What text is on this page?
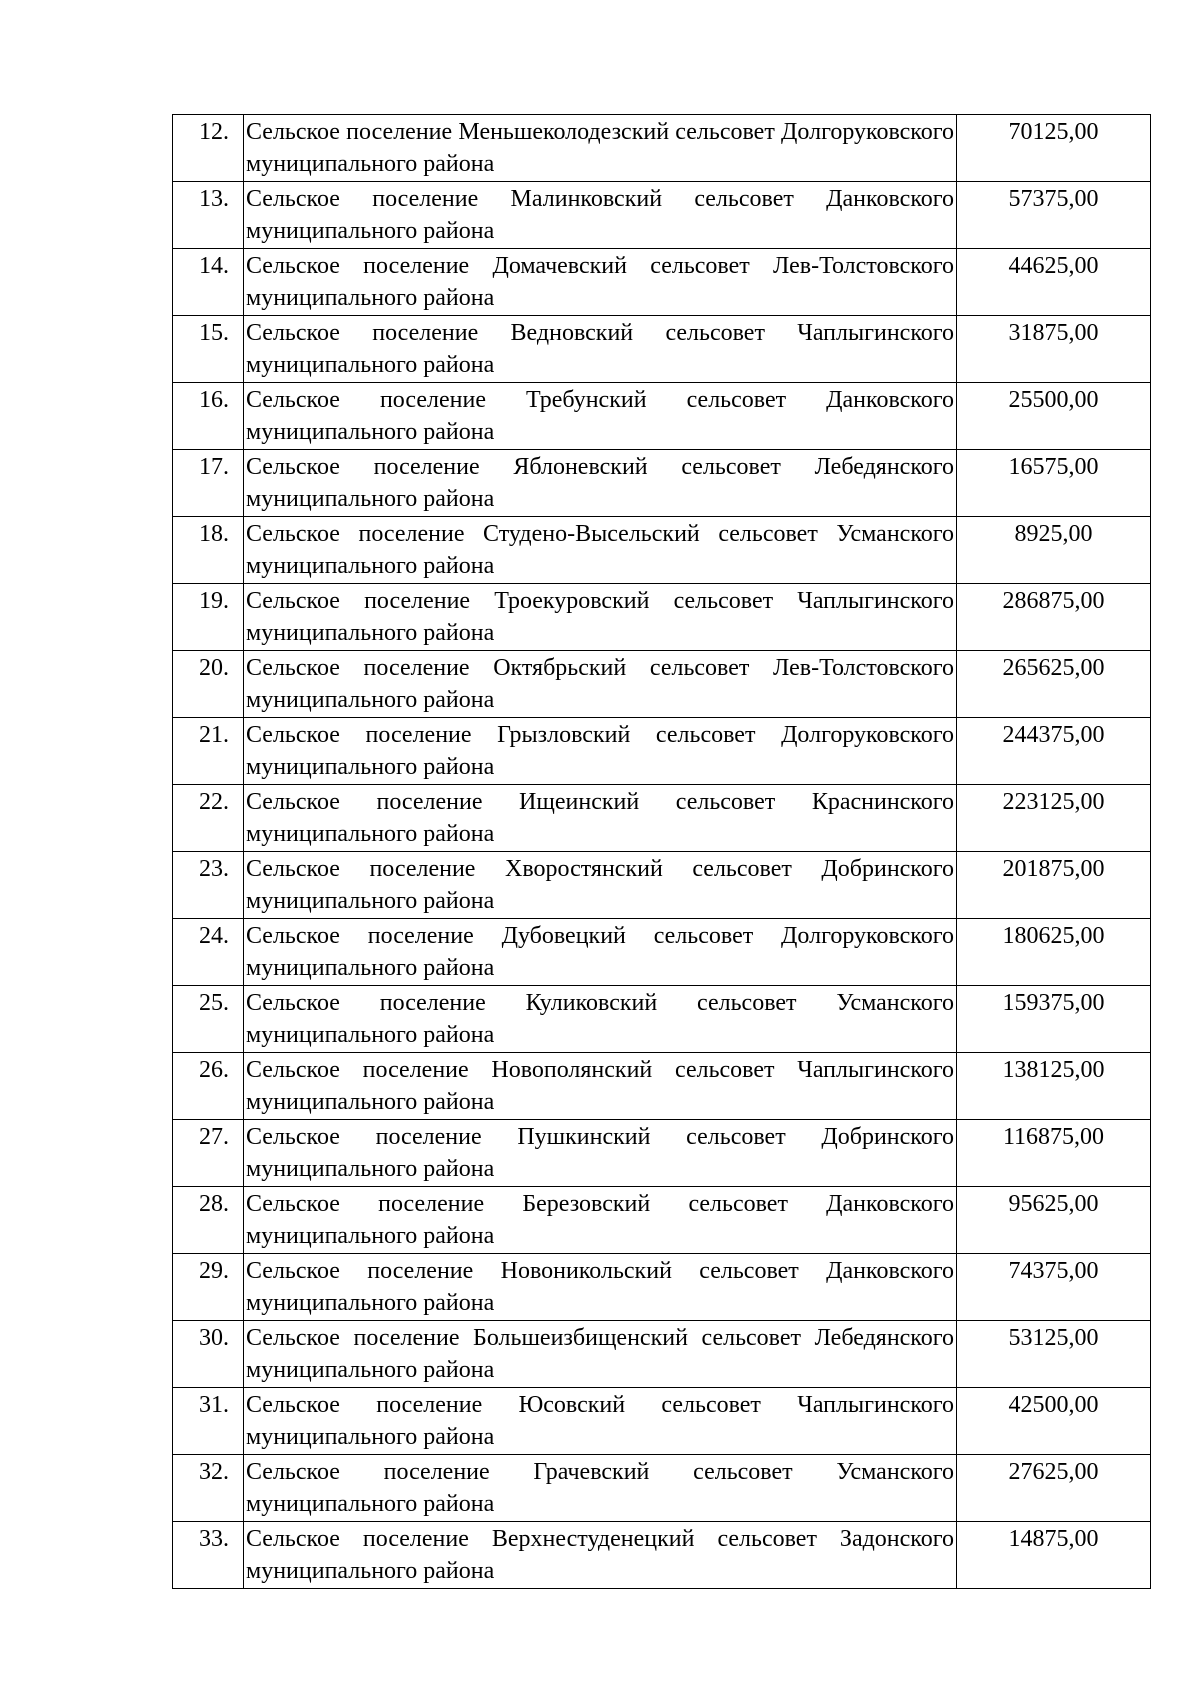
12.	Сельское поселение Меньшеколодезский сельсовет Долгоруковского муниципального района	70125,00
13.	Сельское поселение Малинковский сельсовет Данковского муниципального района	57375,00
14.	Сельское поселение Домачевский сельсовет Лев-Толстовского муниципального района	44625,00
15.	Сельское поселение Ведновский сельсовет Чаплыгинского муниципального района	31875,00
16.	Сельское поселение Требунский сельсовет Данковского муниципального района	25500,00
17.	Сельское поселение Яблоневский сельсовет Лебедянского муниципального района	16575,00
18.	Сельское поселение Студено-Высельский сельсовет Усманского муниципального района	8925,00
19.	Сельское поселение Троекуровский сельсовет Чаплыгинского муниципального района	286875,00
20.	Сельское поселение Октябрьский сельсовет Лев-Толстовского муниципального района	265625,00
21.	Сельское поселение Грызловский сельсовет Долгоруковского муниципального района	244375,00
22.	Сельское поселение Ищеинский сельсовет Краснинского муниципального района	223125,00
23.	Сельское поселение Хворостянский сельсовет Добринского муниципального района	201875,00
24.	Сельское поселение Дубовецкий сельсовет Долгоруковского муниципального района	180625,00
25.	Сельское поселение Куликовский сельсовет Усманского муниципального района	159375,00
26.	Сельское поселение Новополянский сельсовет Чаплыгинского муниципального района	138125,00
27.	Сельское поселение Пушкинский сельсовет Добринского муниципального района	116875,00
28.	Сельское поселение Березовский сельсовет Данковского муниципального района	95625,00
29.	Сельское поселение Новоникольский сельсовет Данковского муниципального района	74375,00
30.	Сельское поселение Большеизбищенский сельсовет Лебедянского муниципального района	53125,00
31.	Сельское поселение Юсовский сельсовет Чаплыгинского муниципального района	42500,00
32.	Сельское поселение Грачевский сельсовет Усманского муниципального района	27625,00
33.	Сельское поселение Верхнестуденецкий сельсовет Задонского муниципального района	14875,00
